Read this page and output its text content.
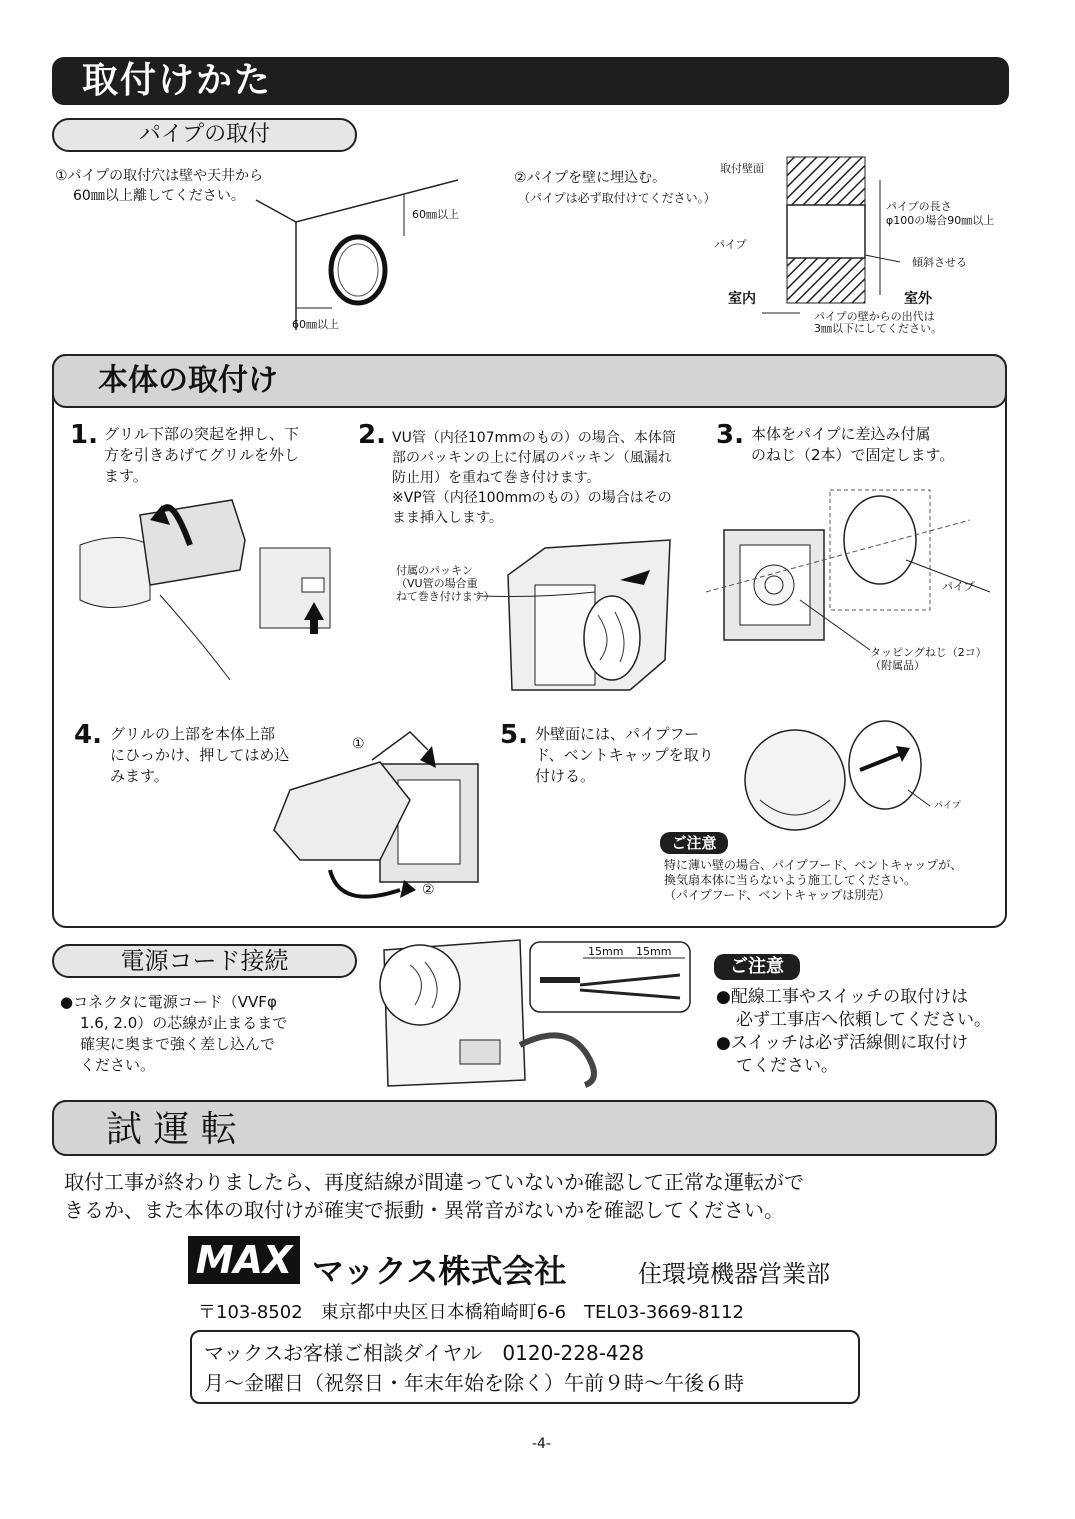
取付けかた
パイプの取付
①パイプの取付穴は壁や天井から
60㎜以上離してください。
60㎜以上
60㎜以上
②パイプを壁に埋込む。
（パイプは必ず取付けてください。）
取付壁面
パイプ
パイプの長さ
φ100の場合90㎜以上
傾斜させる
室内	室外
パイプの壁からの出代は
3㎜以下にしてください。
本体の取付け
1. グリル下部の突起を押し、下
方を引きあげてグリルを外し
ます。
2. VU管（内径107mmのもの）の場合、本体筒
部のパッキンの上に付属のパッキン（風漏れ
防止用）を重ねて巻き付けます。
※VP管（内径100mmのもの）の場合はその
まま挿入します。
付属のパッキン
（VU管の場合重
ねて巻き付けます）
3. 本体をパイプに差込み付属
のねじ（2本）で固定します。
パイプ
タッピングねじ（2コ）
（附属品）
4. グリルの上部を本体上部
にひっかけ、押してはめ込
みます。
①
②
5. 外壁面には、パイプフー
ド、ベントキャップを取り
付ける。
パイプ
ご注意
特に薄い壁の場合、パイプフード、ベントキャップが、
換気扇本体に当らないよう施工してください。
（パイプフード、ベントキャップは別売）
電源コード接続
●コネクタに電源コード（VVFφ
1.6, 2.0）の芯線が止まるまで
確実に奥まで強く差し込んで
ください。
15mm 15mm
ご注意
●配線工事やスイッチの取付けは
必ず工事店へ依頼してください。
●スイッチは必ず活線側に取付け
てください。
試 運 転
取付工事が終わりましたら、再度結線が間違っていないか確認して正常な運転がで
きるか、また本体の取付けが確実で振動・異常音がないかを確認してください。
MAX マックス株式会社	住環境機器営業部
〒103-8502　東京都中央区日本橋箱崎町6-6　TEL03-3669-8112
マックスお客様ご相談ダイヤル　0120-228-428
月～金曜日（祝祭日・年末年始を除く）午前９時～午後６時
-4-
